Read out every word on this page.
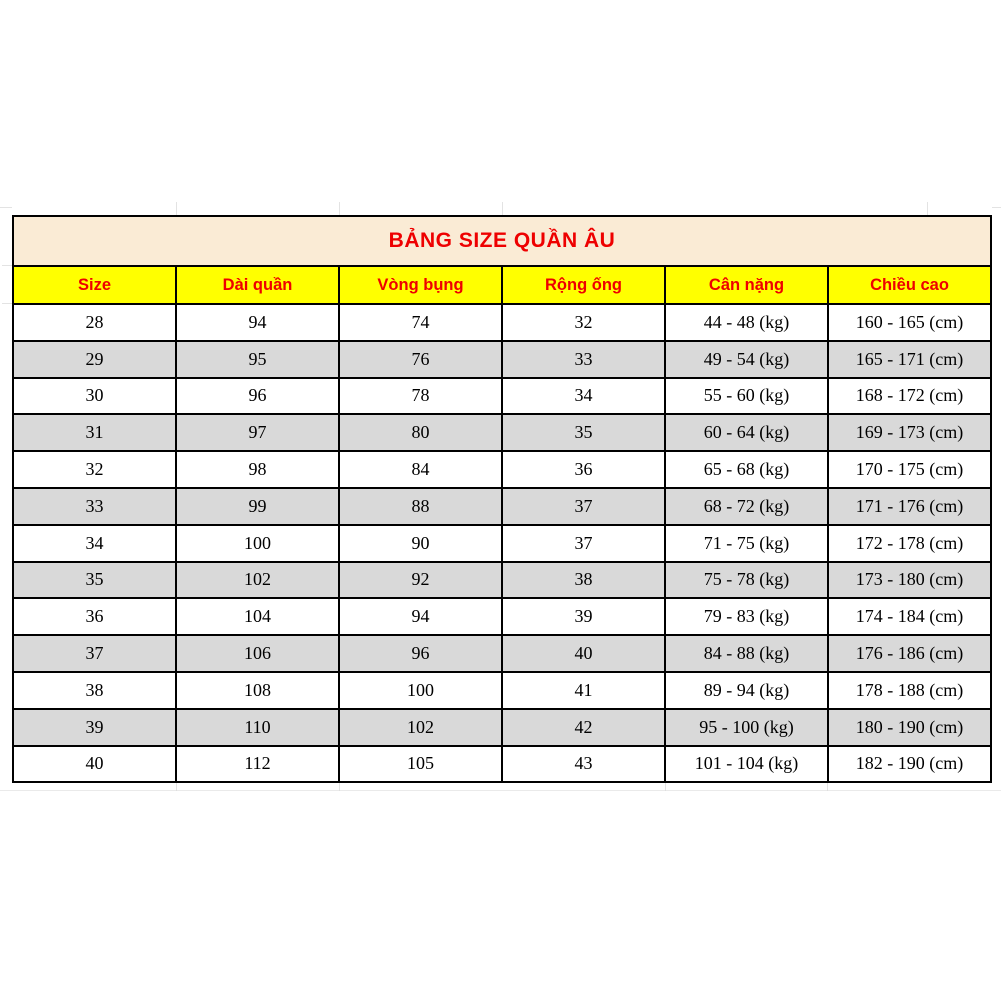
BẢNG SIZE QUẦN ÂU					
Size	Dài quần	Vòng bụng	Rộng ống	Cân nặng	Chiều cao
28	94	74	32	44 - 48 (kg)	160 - 165 (cm)
29	95	76	33	49 - 54 (kg)	165 - 171 (cm)
30	96	78	34	55 - 60 (kg)	168 - 172 (cm)
31	97	80	35	60 - 64 (kg)	169 - 173 (cm)
32	98	84	36	65 - 68 (kg)	170 - 175 (cm)
33	99	88	37	68 - 72 (kg)	171 - 176 (cm)
34	100	90	37	71 - 75 (kg)	172 - 178 (cm)
35	102	92	38	75 - 78 (kg)	173 - 180 (cm)
36	104	94	39	79 - 83 (kg)	174 - 184 (cm)
37	106	96	40	84 - 88 (kg)	176 - 186 (cm)
38	108	100	41	89 - 94 (kg)	178 - 188 (cm)
39	110	102	42	95 - 100 (kg)	180 - 190 (cm)
40	112	105	43	101 - 104 (kg)	182 - 190 (cm)
